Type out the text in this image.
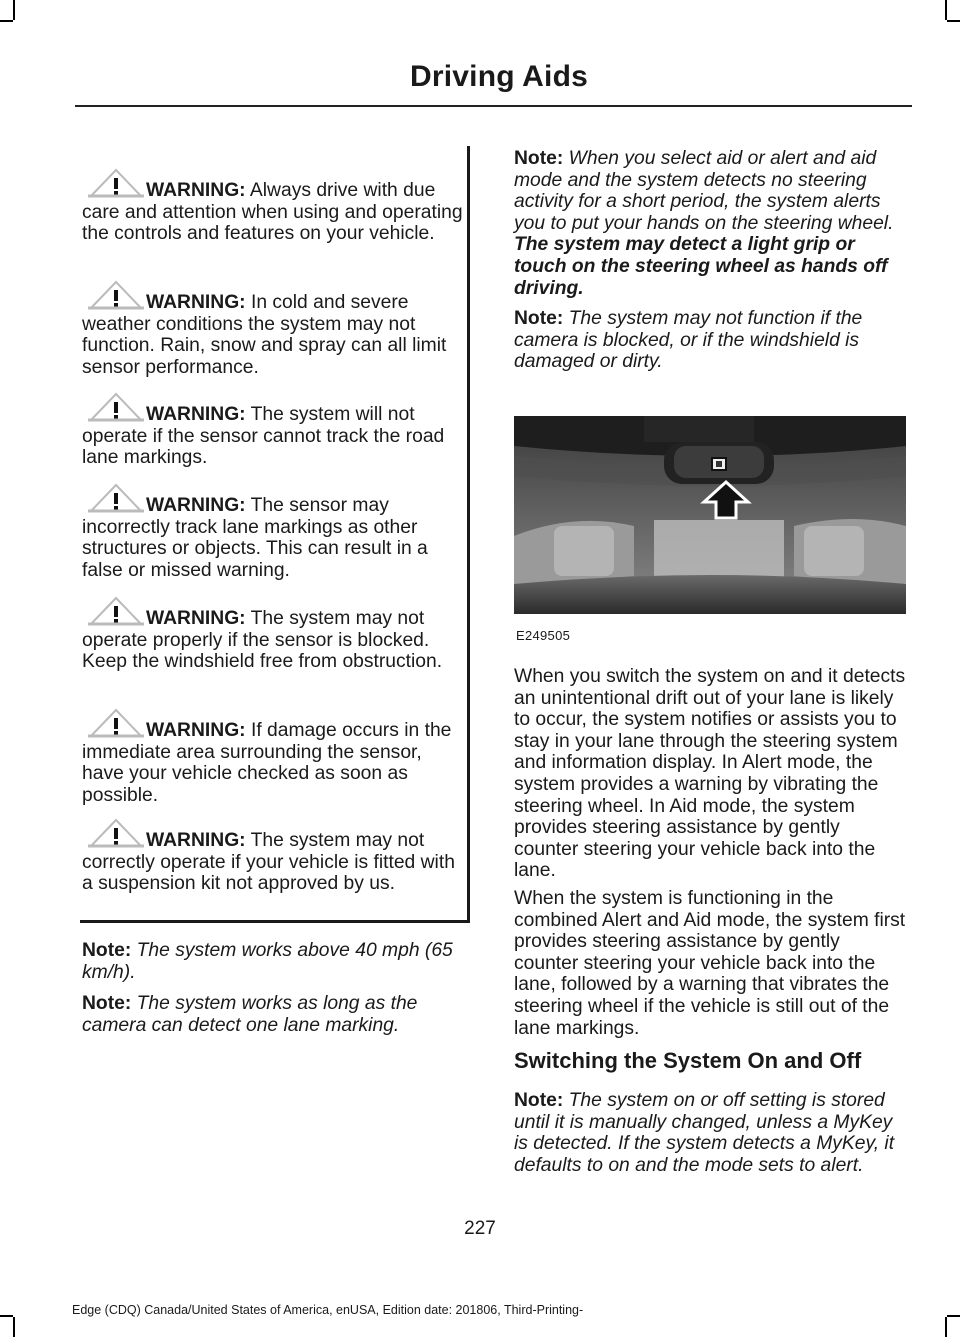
Driving Aids
WARNING: Always drive with due care and attention when using and operating the controls and features on your vehicle.
WARNING: In cold and severe weather conditions the system may not function. Rain, snow and spray can all limit sensor performance.
WARNING: The system will not operate if the sensor cannot track the road lane markings.
WARNING: The sensor may incorrectly track lane markings as other structures or objects. This can result in a false or missed warning.
WARNING: The system may not operate properly if the sensor is blocked. Keep the windshield free from obstruction.
WARNING: If damage occurs in the immediate area surrounding the sensor, have your vehicle checked as soon as possible.
WARNING: The system may not correctly operate if your vehicle is fitted with a suspension kit not approved by us.

Note: The system works above 40 mph (65 km/h).

Note: The system works as long as the camera can detect one lane marking.

Note: When you select aid or alert and aid mode and the system detects no steering activity for a short period, the system alerts you to put your hands on the steering wheel. The system may detect a light grip or touch on the steering wheel as hands off driving.

Note: The system may not function if the camera is blocked, or if the windshield is damaged or dirty.

E249505

When you switch the system on and it detects an unintentional drift out of your lane is likely to occur, the system notifies or assists you to stay in your lane through the steering system and information display. In Alert mode, the system provides a warning by vibrating the steering wheel. In Aid mode, the system provides steering assistance by gently counter steering your vehicle back into the lane.

When the system is functioning in the combined Alert and Aid mode, the system first provides steering assistance by gently counter steering your vehicle back into the lane, followed by a warning that vibrates the steering wheel if the vehicle is still out of the lane markings.

Switching the System On and Off

Note: The system on or off setting is stored until it is manually changed, unless a MyKey is detected. If the system detects a MyKey, it defaults to on and the mode sets to alert.

227
Edge (CDQ) Canada/United States of America, enUSA, Edition date: 201806, Third-Printing-
